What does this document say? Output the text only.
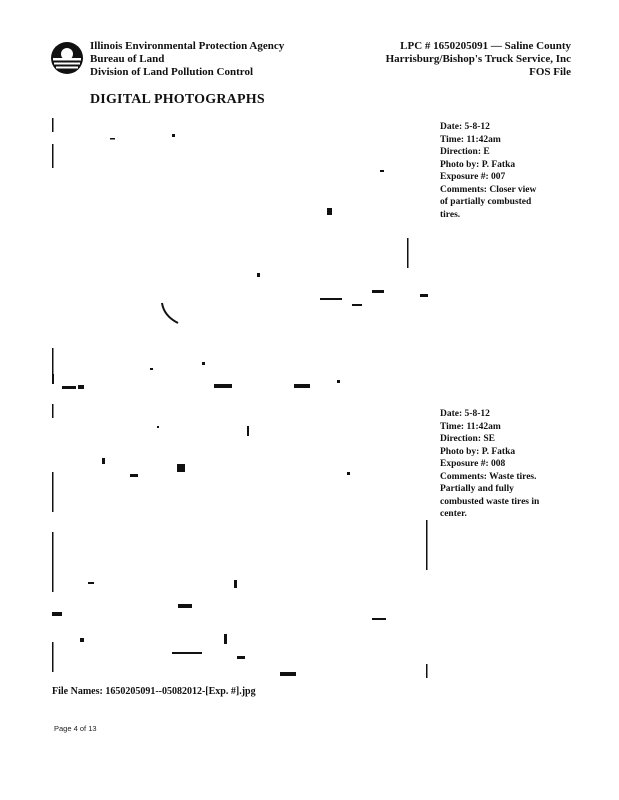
Illinois Environmental Protection Agency
Bureau of Land
Division of Land Pollution Control
LPC # 1650205091 — Saline County
Harrisburg/Bishop's Truck Service, Inc
FOS File
DIGITAL PHOTOGRAPHS
Date: 5-8-12
Time: 11:42am
Direction: E
Photo by: P. Fatka
Exposure #: 007
Comments: Closer view
of partially combusted
tires.
Date: 5-8-12
Time: 11:42am
Direction: SE
Photo by: P. Fatka
Exposure #: 008
Comments: Waste tires.
Partially and fully
combusted waste tires in
center.
File Names: 1650205091--05082012-[Exp. #].jpg
Page 4 of 13
